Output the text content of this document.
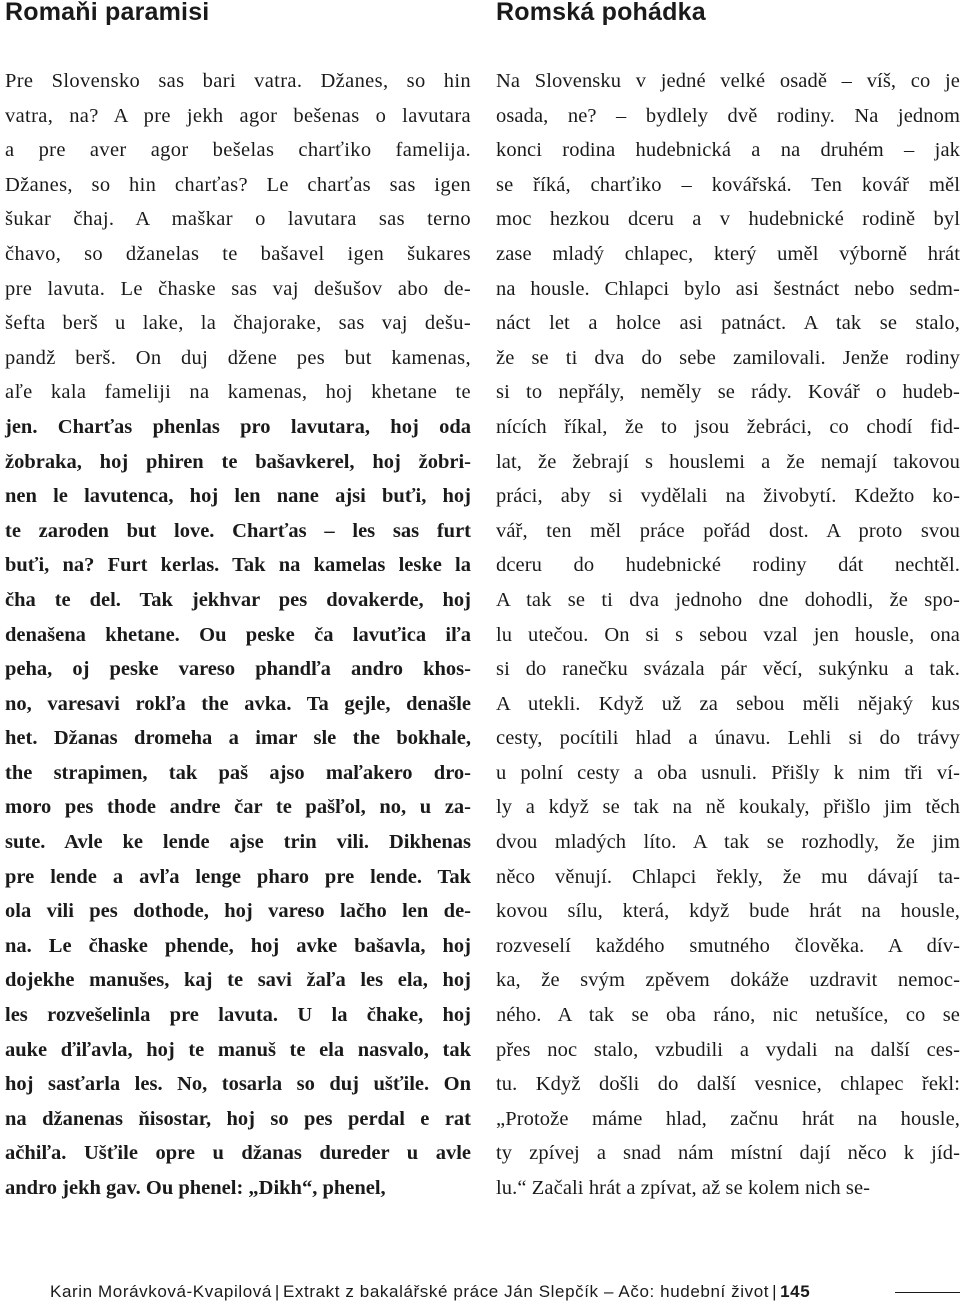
Romaňi paramisi
Pre Slovensko sas bari vatra. Džanes, so hin
vatra, na? A pre jekh agor bešenas o lavutara
a pre aver agor bešelas charťiko famelija.
Džanes, so hin charťas? Le charťas sas igen
šukar čhaj. A maškar o lavutara sas terno
čhavo, so džanelas te bašavel igen šukares
pre lavuta. Le čhaske sas vaj dešušov abo de-
šefta berš u lake, la čhajorake, sas vaj dešu-
pandž berš. On duj džene pes but kamenas,
aľe kala fameliji na kamenas, hoj khetane te
jen. Charťas phenlas pro lavutara, hoj oda
žobraka, hoj phiren te bašavkerel, hoj žobri-
nen le lavutenca, hoj len nane ajsi buťi, hoj
te zaroden but love. Charťas – les sas furt
buťi, na? Furt kerlas. Tak na kamelas leske la
čha te del. Tak jekhvar pes dovakerde, hoj
denašena khetane. Ou peske ča lavuťica iľa
peha, oj peske vareso phandľa andro khos-
no, varesavi rokľa the avka. Ta gejle, denašle
het. Džanas dromeha a imar sle the bokhale,
the strapimen, tak paš ajso maľakero dro-
moro pes thode andre čar te pašľol, no, u za-
sute. Avle ke lende ajse trin vili. Dikhenas
pre lende a avľa lenge pharo pre lende. Tak
ola vili pes dothode, hoj vareso lačho len de-
na. Le čhaske phende, hoj avke bašavla, hoj
dojekhe manušes, kaj te savi žaľa les ela, hoj
les rozvešelinla pre lavuta. U la čhake, hoj
auke ďiľavla, hoj te manuš te ela nasvalo, tak
hoj sasťarla les. No, tosarla so duj ušťile. On
na džanenas ňisostar, hoj so pes perdal e rat
ačhiľa. Ušťile opre u džanas dureder u avle
andro jekh gav. Ou phenel: „Dikh“, phenel,
Romská pohádka
Na Slovensku v jedné velké osadě – víš, co je
osada, ne? – bydlely dvě rodiny. Na jednom
konci rodina hudebnická a na druhém – jak
se říká, charťiko – kovářská. Ten kovář měl
moc hezkou dceru a v hudebnické rodině byl
zase mladý chlapec, který uměl výborně hrát
na housle. Chlapci bylo asi šestnáct nebo sedm-
náct let a holce asi patnáct. A tak se stalo,
že se ti dva do sebe zamilovali. Jenže rodiny
si to nepřály, neměly se rády. Kovář o hudeb-
nících říkal, že to jsou žebráci, co chodí fid-
lat, že žebrají s houslemi a že nemají takovou
práci, aby si vydělali na živobytí. Kdežto ko-
vář, ten měl práce pořád dost. A proto svou
dceru do hudebnické rodiny dát nechtěl.
A tak se ti dva jednoho dne dohodli, že spo-
lu utečou. On si s sebou vzal jen housle, ona
si do ranečku svázala pár věcí, sukýnku a tak.
A utekli. Když už za sebou měli nějaký kus
cesty, pocítili hlad a únavu. Lehli si do trávy
u polní cesty a oba usnuli. Přišly k nim tři ví-
ly a když se tak na ně koukaly, přišlo jim těch
dvou mladých líto. A tak se rozhodly, že jim
něco věnují. Chlapci řekly, že mu dávají ta-
kovou sílu, která, když bude hrát na housle,
rozveselí každého smutného člověka. A dív-
ka, že svým zpěvem dokáže uzdravit nemoc-
ného. A tak se oba ráno, nic netušíce, co se
přes noc stalo, vzbudili a vydali na další ces-
tu. Když došli do další vesnice, chlapec řekl:
„Protože máme hlad, začnu hrát na housle,
ty zpívej a snad nám místní dají něco k jíd-
lu.“ Začali hrát a zpívat, až se kolem nich se-
Karin Morávková-Kvapilová | Extrakt z bakalářské práce Ján Slepčík – Ačo: hudební život | 145
